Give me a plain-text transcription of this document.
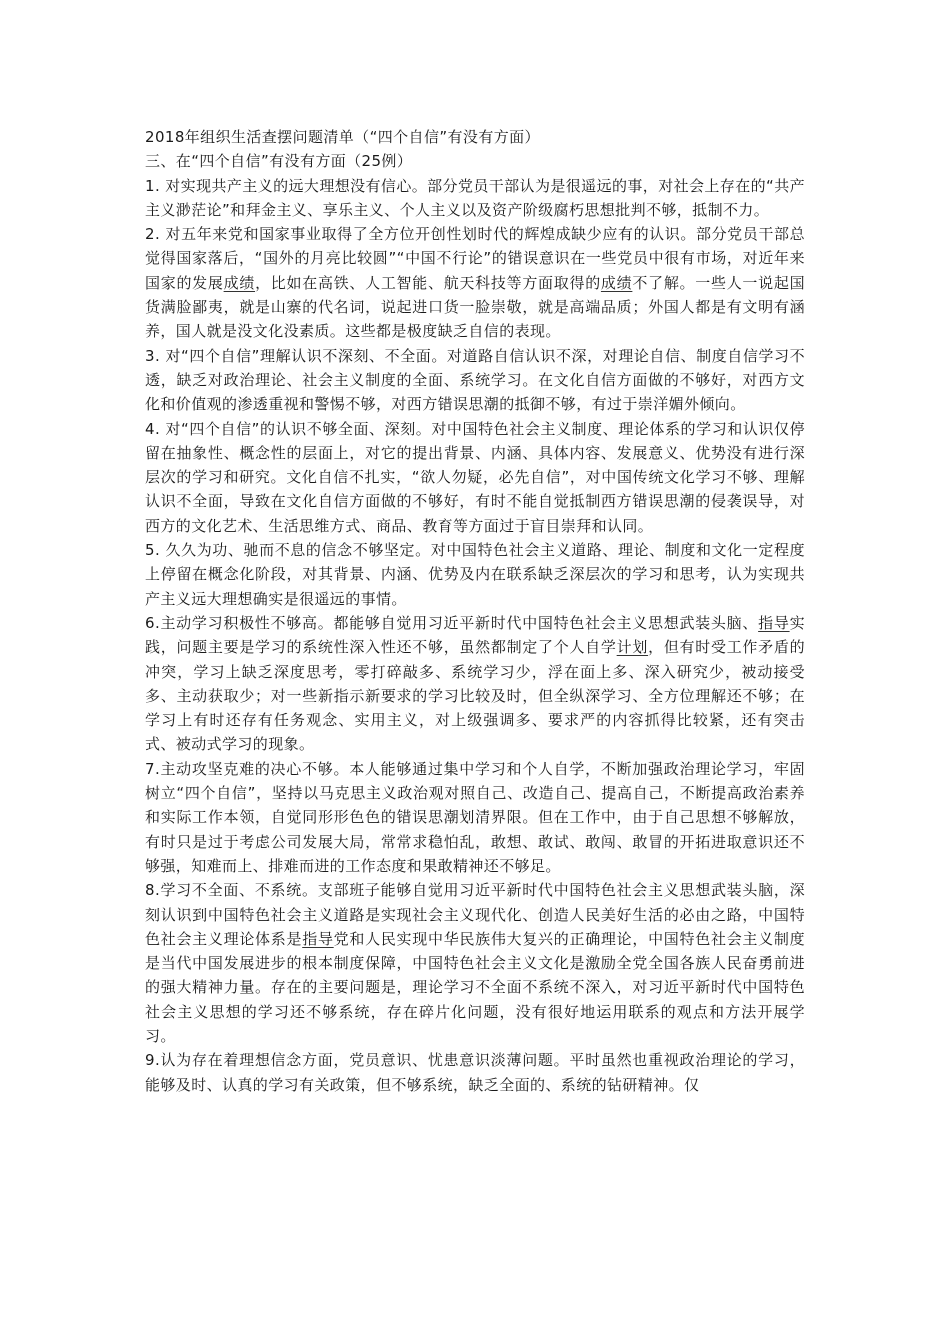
2018年组织生活查摆问题清单（“四个自信”有没有方面）

三、在“四个自信”有没有方面（25例）

1. 对实现共产主义的远大理想没有信心。部分党员干部认为是很遥远的事，对社会上存在的“共产主义渺茫论”和拜金主义、享乐主义、个人主义以及资产阶级腐朽思想批判不够，抵制不力。

2. 对五年来党和国家事业取得了全方位开创性划时代的辉煌成缺少应有的认识。部分党员干部总觉得国家落后，“国外的月亮比较圆”“中国不行论”的错误意识在一些党员中很有市场，对近年来国家的发展成绩，比如在高铁、人工智能、航天科技等方面取得的成绩不了解。一些人一说起国货满脸鄙夷，就是山寨的代名词，说起进口货一脸崇敬，就是高端品质；外国人都是有文明有涵养，国人就是没文化没素质。这些都是极度缺乏自信的表现。

3. 对“四个自信”理解认识不深刻、不全面。对道路自信认识不深，对理论自信、制度自信学习不透，缺乏对政治理论、社会主义制度的全面、系统学习。在文化自信方面做的不够好，对西方文化和价值观的渗透重视和警惕不够，对西方错误思潮的抵御不够，有过于崇洋媚外倾向。

4. 对“四个自信”的认识不够全面、深刻。对中国特色社会主义制度、理论体系的学习和认识仅停留在抽象性、概念性的层面上，对它的提出背景、内涵、具体内容、发展意义、优势没有进行深层次的学习和研究。文化自信不扎实，“欲人勿疑，必先自信”，对中国传统文化学习不够、理解认识不全面，导致在文化自信方面做的不够好，有时不能自觉抵制西方错误思潮的侵袭误导，对西方的文化艺术、生活思维方式、商品、教育等方面过于盲目崇拜和认同。

5. 久久为功、驰而不息的信念不够坚定。对中国特色社会主义道路、理论、制度和文化一定程度上停留在概念化阶段，对其背景、内涵、优势及内在联系缺乏深层次的学习和思考，认为实现共产主义远大理想确实是很遥远的事情。

6.主动学习积极性不够高。都能够自觉用习近平新时代中国特色社会主义思想武装头脑、指导实践，问题主要是学习的系统性深入性还不够，虽然都制定了个人自学计划，但有时受工作矛盾的冲突，学习上缺乏深度思考，零打碎敲多、系统学习少，浮在面上多、深入研究少，被动接受多、主动获取少；对一些新指示新要求的学习比较及时，但全纵深学习、全方位理解还不够；在学习上有时还存有任务观念、实用主义，对上级强调多、要求严的内容抓得比较紧，还有突击式、被动式学习的现象。

7.主动攻坚克难的决心不够。本人能够通过集中学习和个人自学，不断加强政治理论学习，牢固树立“四个自信”，坚持以马克思主义政治观对照自己、改造自己、提高自己，不断提高政治素养和实际工作本领，自觉同形形色色的错误思潮划清界限。但在工作中，由于自己思想不够解放，有时只是过于考虑公司发展大局，常常求稳怕乱，敢想、敢试、敢闯、敢冒的开拓进取意识还不够强，知难而上、排难而进的工作态度和果敢精神还不够足。

8.学习不全面、不系统。支部班子能够自觉用习近平新时代中国特色社会主义思想武装头脑，深刻认识到中国特色社会主义道路是实现社会主义现代化、创造人民美好生活的必由之路，中国特色社会主义理论体系是指导党和人民实现中华民族伟大复兴的正确理论，中国特色社会主义制度是当代中国发展进步的根本制度保障，中国特色社会主义文化是激励全党全国各族人民奋勇前进的强大精神力量。存在的主要问题是，理论学习不全面不系统不深入，对习近平新时代中国特色社会主义思想的学习还不够系统，存在碎片化问题，没有很好地运用联系的观点和方法开展学习。

9.认为存在着理想信念方面，党员意识、忧患意识淡薄问题。平时虽然也重视政治理论的学习，能够及时、认真的学习有关政策，但不够系统，缺乏全面的、系统的钻研精神。仅
